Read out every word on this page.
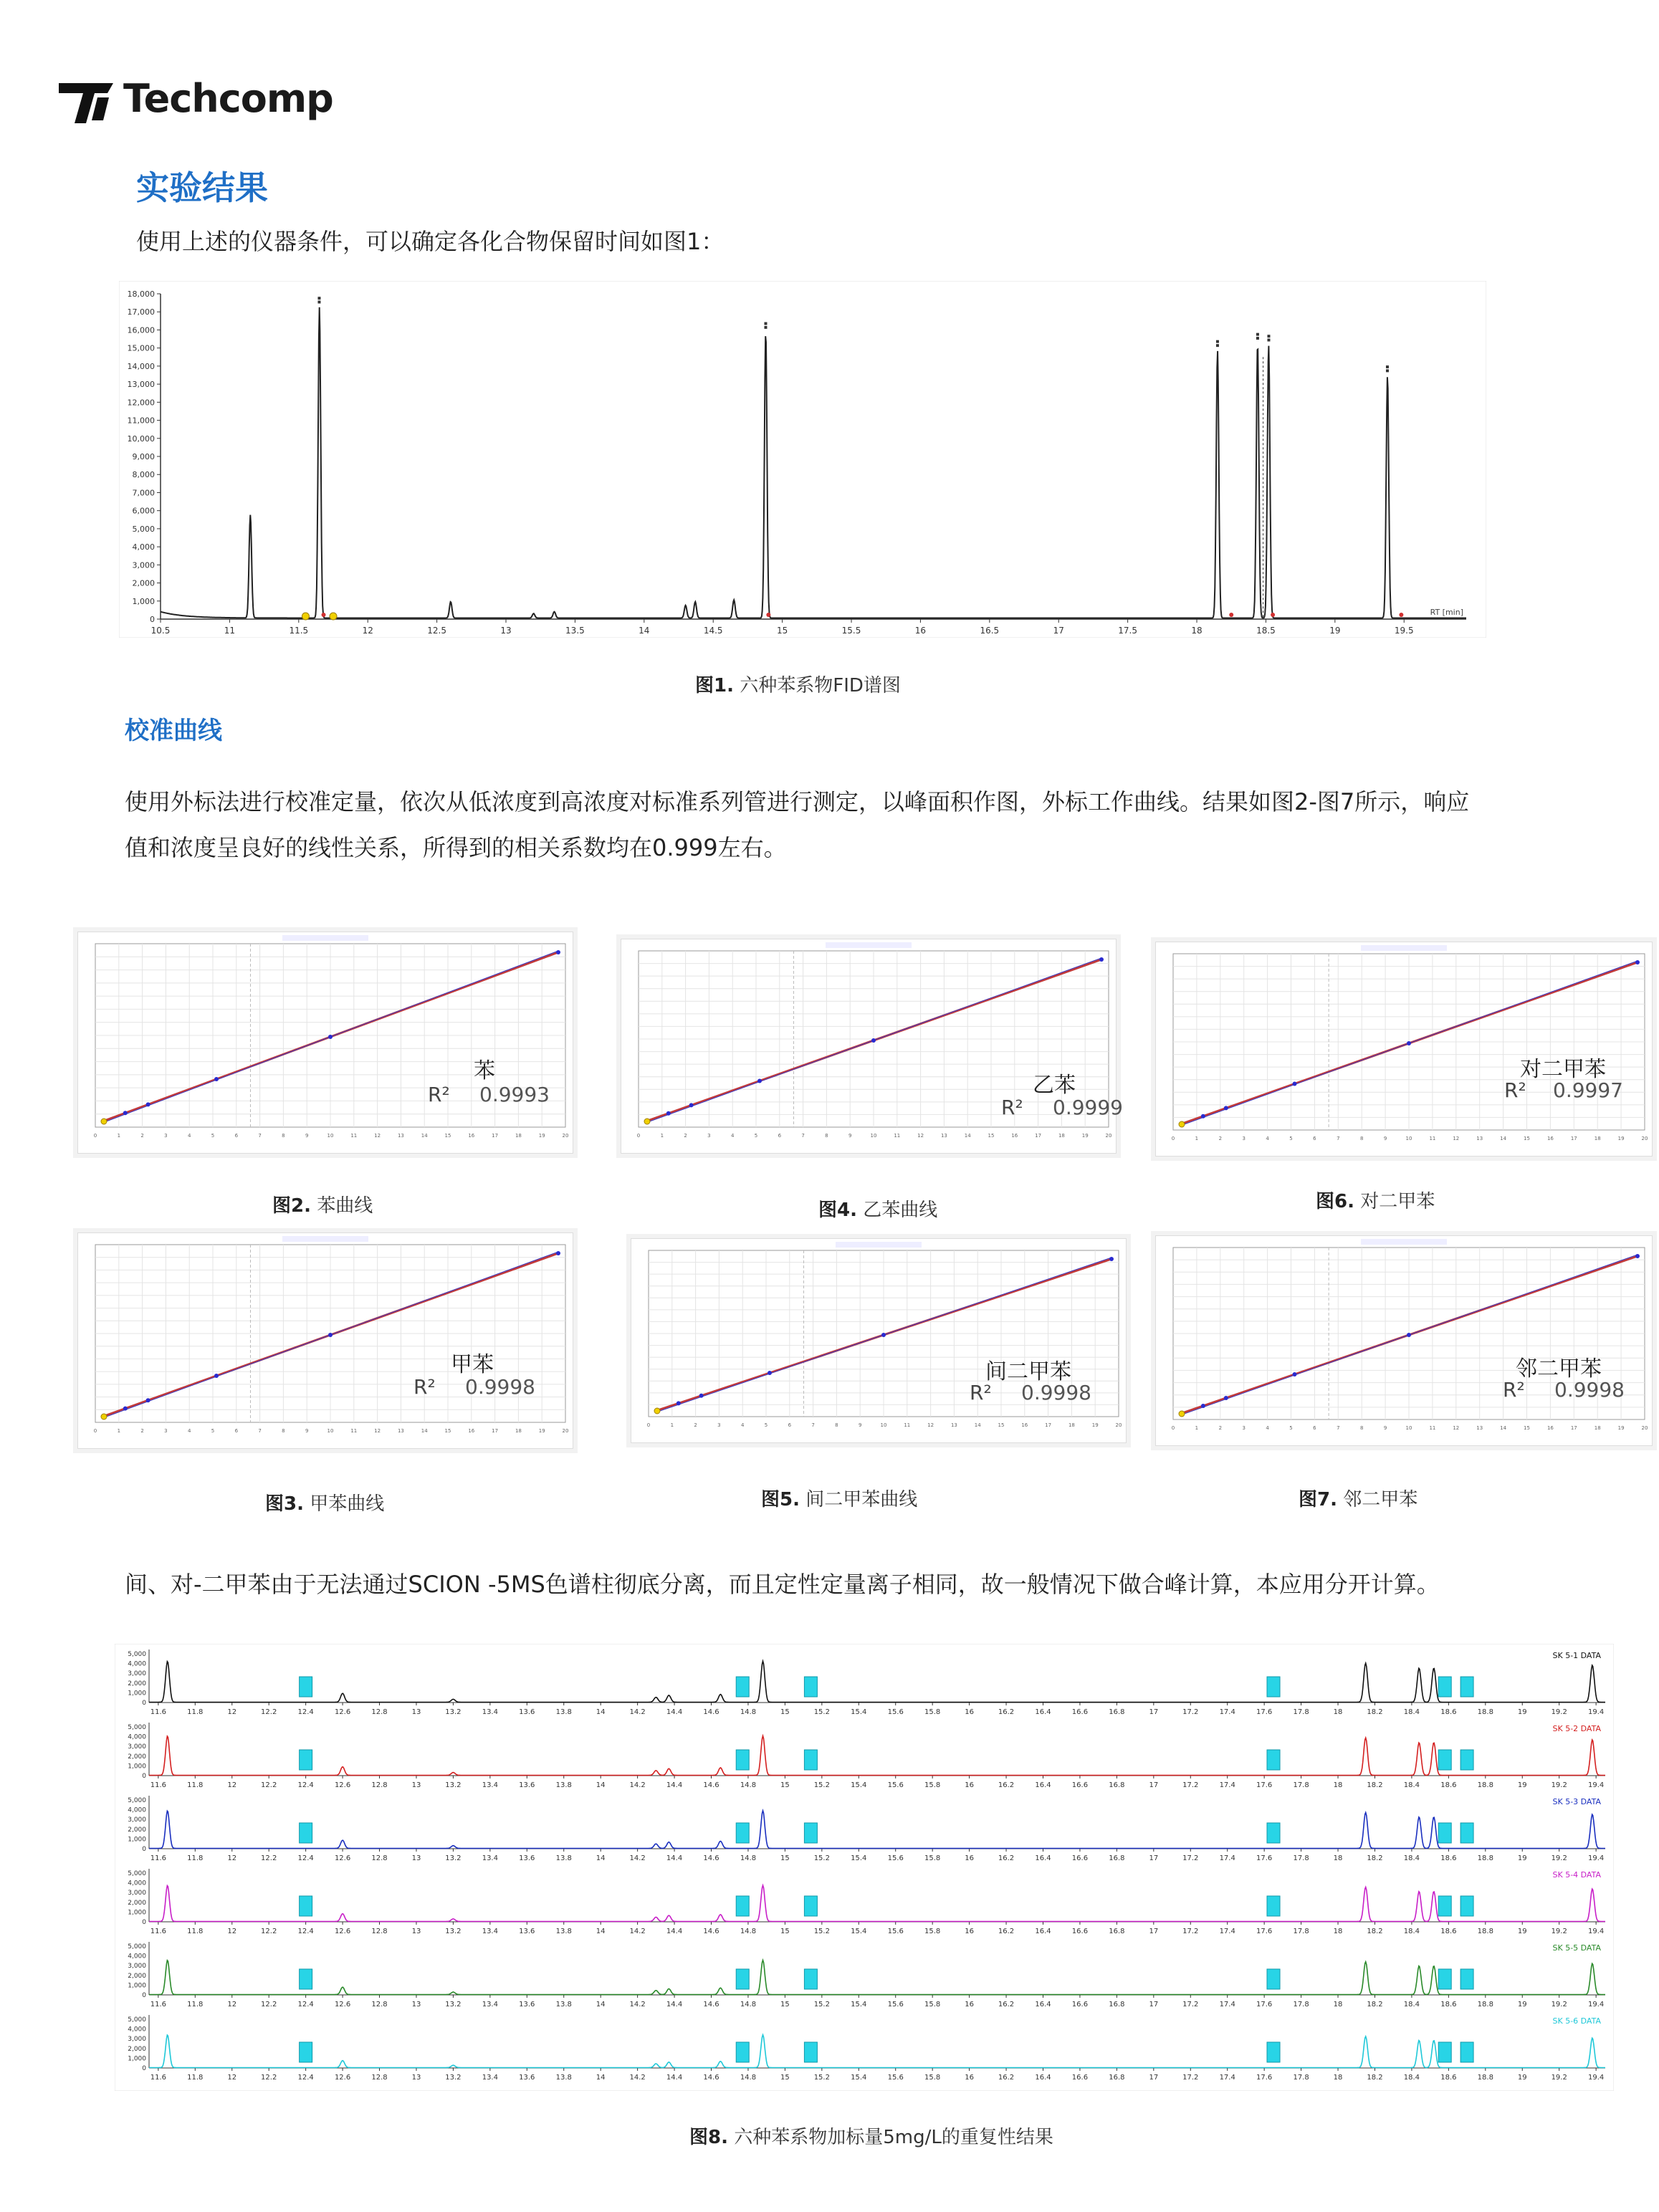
Techcomp
实验结果
使用上述的仪器条件，可以确定各化合物保留时间如图1：
0
1,000
2,000
3,000
4,000
5,000
6,000
7,000
8,000
9,000
10,000
11,000
12,000
13,000
14,000
15,000
16,000
17,000
18,000
10.5	11	11.5	12	12.5	13	13.5	14	14.5	15	15.5	16	16.5	17	17.5	18	18.5	19	19.5
RT [min]
▪▪
▪▪
▪▪
▪▪ ▪▪
▪▪
图1. 六种苯系物FID谱图
校准曲线
使用外标法进行校准定量，依次从低浓度到高浓度对标准系列管进行测定，以峰面积作图，外标工作曲线。结果如图2-图7所示，响应
值和浓度呈良好的线性关系，所得到的相关系数均在0.999左右。
0	1	2	3	4	5	6	7	8	9	10	11	12	13	14	15	16	17	18	19	20
苯
R² 0.9993
图2. 苯曲线
0	1	2	3	4	5	6	7	8	9	10	11	12	13	14	15	16	17	18	19	20
乙苯
R² 0.9999
图4. 乙苯曲线
0	1	2	3	4	5	6	7	8	9	10	11	12	13	14	15	16	17	18	19	20
对二甲苯
R² 0.9997
图6. 对二甲苯
0	1	2	3	4	5	6	7	8	9	10	11	12	13	14	15	16	17	18	19	20
甲苯
R² 0.9998
图3. 甲苯曲线
0	1	2	3	4	5	6	7	8	9	10	11	12	13	14	15	16	17	18	19	20
间二甲苯
R² 0.9998
图5. 间二甲苯曲线
0	1	2	3	4	5	6	7	8	9	10	11	12	13	14	15	16	17	18	19	20
邻二甲苯
R² 0.9998
图7. 邻二甲苯
间、对-二甲苯由于无法通过SCION -5MS色谱柱彻底分离，而且定性定量离子相同，故一般情况下做合峰计算，本应用分开计算。
0
1,000
2,000
3,000
4,000
5,000
11.6	11.8	12	12.2	12.4	12.6	12.8	13	13.2	13.4	13.6	13.8	14	14.2	14.4	14.6	14.8	15	15.2	15.4	15.6	15.8	16	16.2	16.4	16.6	16.8	17	17.2	17.4	17.6	17.8	18	18.2	18.4	18.6	18.8	19	19.2	19.4
SK 5-1 DATA
0
1,000
2,000
3,000
4,000
5,000
11.6	11.8	12	12.2	12.4	12.6	12.8	13	13.2	13.4	13.6	13.8	14	14.2	14.4	14.6	14.8	15	15.2	15.4	15.6	15.8	16	16.2	16.4	16.6	16.8	17	17.2	17.4	17.6	17.8	18	18.2	18.4	18.6	18.8	19	19.2	19.4
SK 5-2 DATA
0
1,000
2,000
3,000
4,000
5,000
11.6	11.8	12	12.2	12.4	12.6	12.8	13	13.2	13.4	13.6	13.8	14	14.2	14.4	14.6	14.8	15	15.2	15.4	15.6	15.8	16	16.2	16.4	16.6	16.8	17	17.2	17.4	17.6	17.8	18	18.2	18.4	18.6	18.8	19	19.2	19.4
SK 5-3 DATA
0
1,000
2,000
3,000
4,000
5,000
11.6	11.8	12	12.2	12.4	12.6	12.8	13	13.2	13.4	13.6	13.8	14	14.2	14.4	14.6	14.8	15	15.2	15.4	15.6	15.8	16	16.2	16.4	16.6	16.8	17	17.2	17.4	17.6	17.8	18	18.2	18.4	18.6	18.8	19	19.2	19.4
SK 5-4 DATA
0
1,000
2,000
3,000
4,000
5,000
11.6	11.8	12	12.2	12.4	12.6	12.8	13	13.2	13.4	13.6	13.8	14	14.2	14.4	14.6	14.8	15	15.2	15.4	15.6	15.8	16	16.2	16.4	16.6	16.8	17	17.2	17.4	17.6	17.8	18	18.2	18.4	18.6	18.8	19	19.2	19.4
SK 5-5 DATA
0
1,000
2,000
3,000
4,000
5,000
11.6	11.8	12	12.2	12.4	12.6	12.8	13	13.2	13.4	13.6	13.8	14	14.2	14.4	14.6	14.8	15	15.2	15.4	15.6	15.8	16	16.2	16.4	16.6	16.8	17	17.2	17.4	17.6	17.8	18	18.2	18.4	18.6	18.8	19	19.2	19.4
SK 5-6 DATA
图8. 六种苯系物加标量5mg/L的重复性结果
